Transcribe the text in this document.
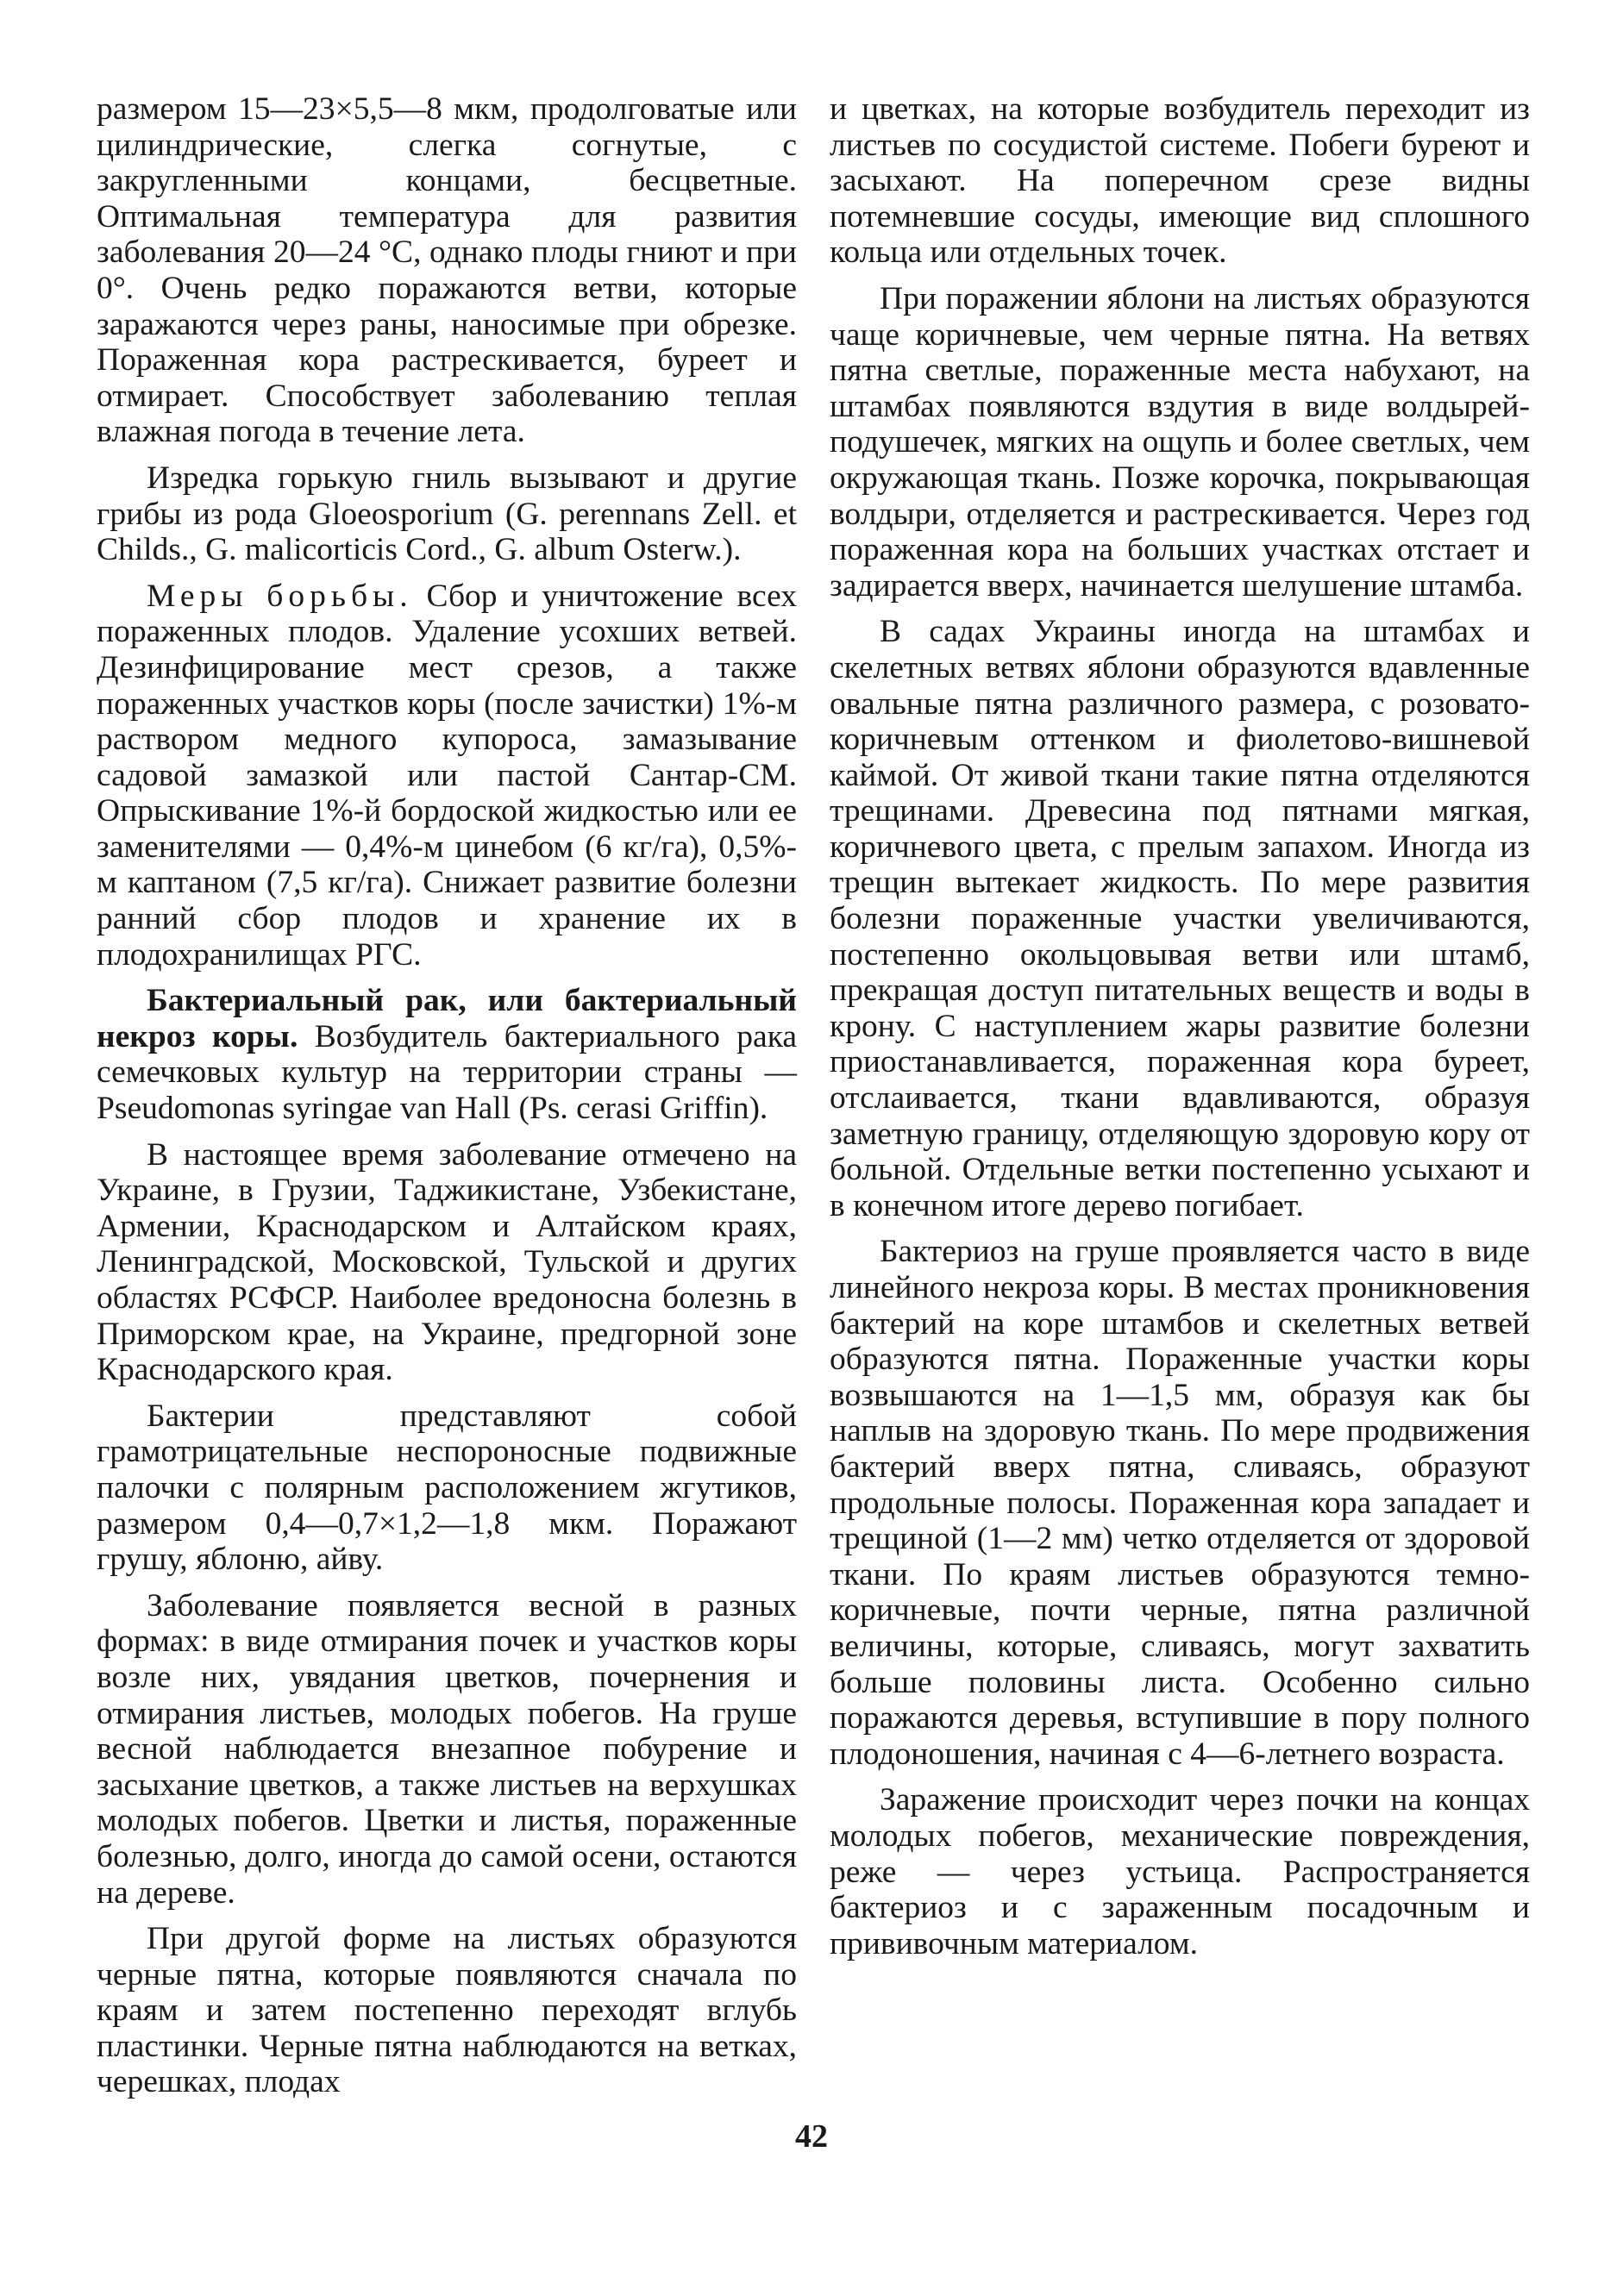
размером 15—23×5,5—8 мкм, продолговатые или цилиндрические, слегка согнутые, с закругленными концами, бесцветные. Оптимальная температура для развития заболевания 20—24 °С, однако плоды гниют и при 0°. Очень редко поражаются ветви, которые заражаются через раны, наносимые при обрезке. Пораженная кора растрескивается, буреет и отмирает. Способствует заболеванию теплая влажная погода в течение лета.

Изредка горькую гниль вызывают и другие грибы из рода Gloeosporium (G. perennans Zell. et Childs., G. malicorticis Cord., G. album Osterw.).

Меры борьбы. Сбор и уничтожение всех пораженных плодов. Удаление усохших ветвей. Дезинфицирование мест срезов, а также пораженных участков коры (после зачистки) 1%-м раствором медного купороса, замазывание садовой замазкой или пастой Сантар-СМ. Опрыскивание 1%-й бордоской жидкостью или ее заменителями — 0,4%-м цинебом (6 кг/га), 0,5%-м каптаном (7,5 кг/га). Снижает развитие болезни ранний сбор плодов и хранение их в плодохранилищах РГС.

Бактериальный рак, или бактериальный некроз коры. Возбудитель бактериального рака семечковых культур на территории страны — Pseudomonas syringae van Hall (Ps. cerasi Griffin).

В настоящее время заболевание отмечено на Украине, в Грузии, Таджикистане, Узбекистане, Армении, Краснодарском и Алтайском краях, Ленинградской, Московской, Тульской и других областях РСФСР. Наиболее вредоносна болезнь в Приморском крае, на Украине, предгорной зоне Краснодарского края.

Бактерии представляют собой грамотрицательные неспороносные подвижные палочки с полярным расположением жгутиков, размером 0,4—0,7×1,2—1,8 мкм. Поражают грушу, яблоню, айву.

Заболевание появляется весной в разных формах: в виде отмирания почек и участков коры возле них, увядания цветков, почернения и отмирания листьев, молодых побегов. На груше весной наблюдается внезапное побурение и засыхание цветков, а также листьев на верхушках молодых побегов. Цветки и листья, пораженные болезнью, долго, иногда до самой осени, остаются на дереве.

При другой форме на листьях образуются черные пятна, которые появляются сначала по краям и затем постепенно переходят вглубь пластинки. Черные пятна наблюдаются на ветках, черешках, плодах

и цветках, на которые возбудитель переходит из листьев по сосудистой системе. Побеги буреют и засыхают. На поперечном срезе видны потемневшие сосуды, имеющие вид сплошного кольца или отдельных точек.

При поражении яблони на листьях образуются чаще коричневые, чем черные пятна. На ветвях пятна светлые, пораженные места набухают, на штамбах появляются вздутия в виде волдырей-подушечек, мягких на ощупь и более светлых, чем окружающая ткань. Позже корочка, покрывающая волдыри, отделяется и растрескивается. Через год пораженная кора на больших участках отстает и задирается вверх, начинается шелушение штамба.

В садах Украины иногда на штамбах и скелетных ветвях яблони образуются вдавленные овальные пятна различного размера, с розовато-коричневым оттенком и фиолетово-вишневой каймой. От живой ткани такие пятна отделяются трещинами. Древесина под пятнами мягкая, коричневого цвета, с прелым запахом. Иногда из трещин вытекает жидкость. По мере развития болезни пораженные участки увеличиваются, постепенно окольцовывая ветви или штамб, прекращая доступ питательных веществ и воды в крону. С наступлением жары развитие болезни приостанавливается, пораженная кора буреет, отслаивается, ткани вдавливаются, образуя заметную границу, отделяющую здоровую кору от больной. Отдельные ветки постепенно усыхают и в конечном итоге дерево погибает.

Бактериоз на груше проявляется часто в виде линейного некроза коры. В местах проникновения бактерий на коре штамбов и скелетных ветвей образуются пятна. Пораженные участки коры возвышаются на 1—1,5 мм, образуя как бы наплыв на здоровую ткань. По мере продвижения бактерий вверх пятна, сливаясь, образуют продольные полосы. Пораженная кора западает и трещиной (1—2 мм) четко отделяется от здоровой ткани. По краям листьев образуются темно-коричневые, почти черные, пятна различной величины, которые, сливаясь, могут захватить больше половины листа. Особенно сильно поражаются деревья, вступившие в пору полного плодоношения, начиная с 4—6-летнего возраста.

Заражение происходит через почки на концах молодых побегов, механические повреждения, реже — через устьица. Распространяется бактериоз и с зараженным посадочным и прививочным материалом.

42
